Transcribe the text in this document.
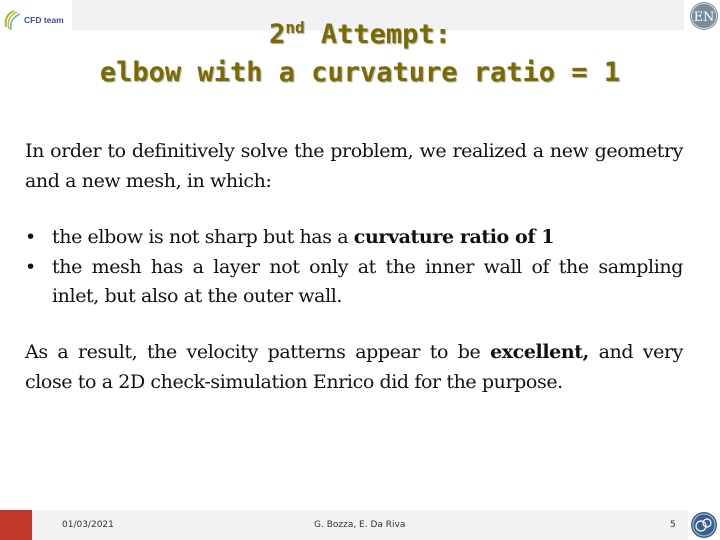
CFD team	EN
2nd Attempt:
elbow with a curvature ratio = 1
In order to definitively solve the problem, we realized a new geometry and a new mesh, in which:
• the elbow is not sharp but has a curvature ratio of 1
• the mesh has a layer not only at the inner wall of the sampling inlet, but also at the outer wall.
As a result, the velocity patterns appear to be excellent, and very close to a 2D check-simulation Enrico did for the purpose.
01/03/2021	G. Bozza, E. Da Riva	5
